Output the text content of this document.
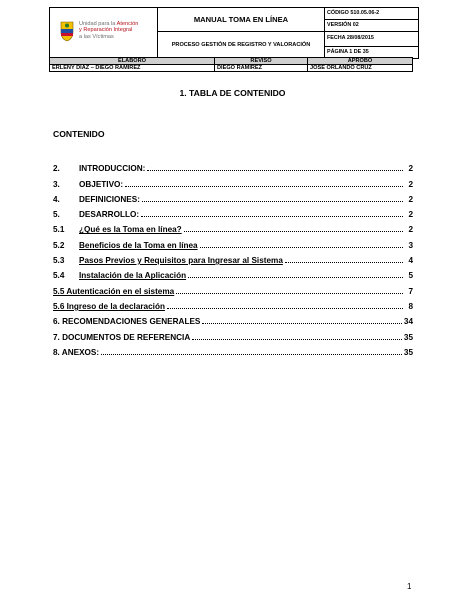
Unidad para la Atención
y Reparación Integral
a las Víctimas	MANUAL TOMA EN LÍNEA	CÓDIGO 510.05.06-2
		VERSIÓN 02
	PROCESO GESTIÓN DE REGISTRO Y VALORACIÓN	FECHA 28/08/2015
		PÁGINA 1 DE 35
ELABORÓ	REVISÓ	APROBÓ
ERLENY DIAZ – DIEGO RAMIREZ	DIEGO RAMIREZ	JOSE ORLANDO CRUZ
1. TABLA DE CONTENIDO
CONTENIDO
2.	INTRODUCCION:	2
3.	OBJETIVO:	2
4.	DEFINICIONES:	2
5.	DESARROLLO:	2
5.1	¿Qué es la Toma en línea?	2
5.2	Beneficios de la Toma en línea	3
5.3	Pasos Previos y Requisitos para Ingresar al Sistema	4
5.4	Instalación de la Aplicación	5
5.5 Autenticación en el sistema	7
5.6 Ingreso de la declaración	8
6. RECOMENDACIONES GENERALES	34
7. DOCUMENTOS DE REFERENCIA	35
8. ANEXOS:	35
1
